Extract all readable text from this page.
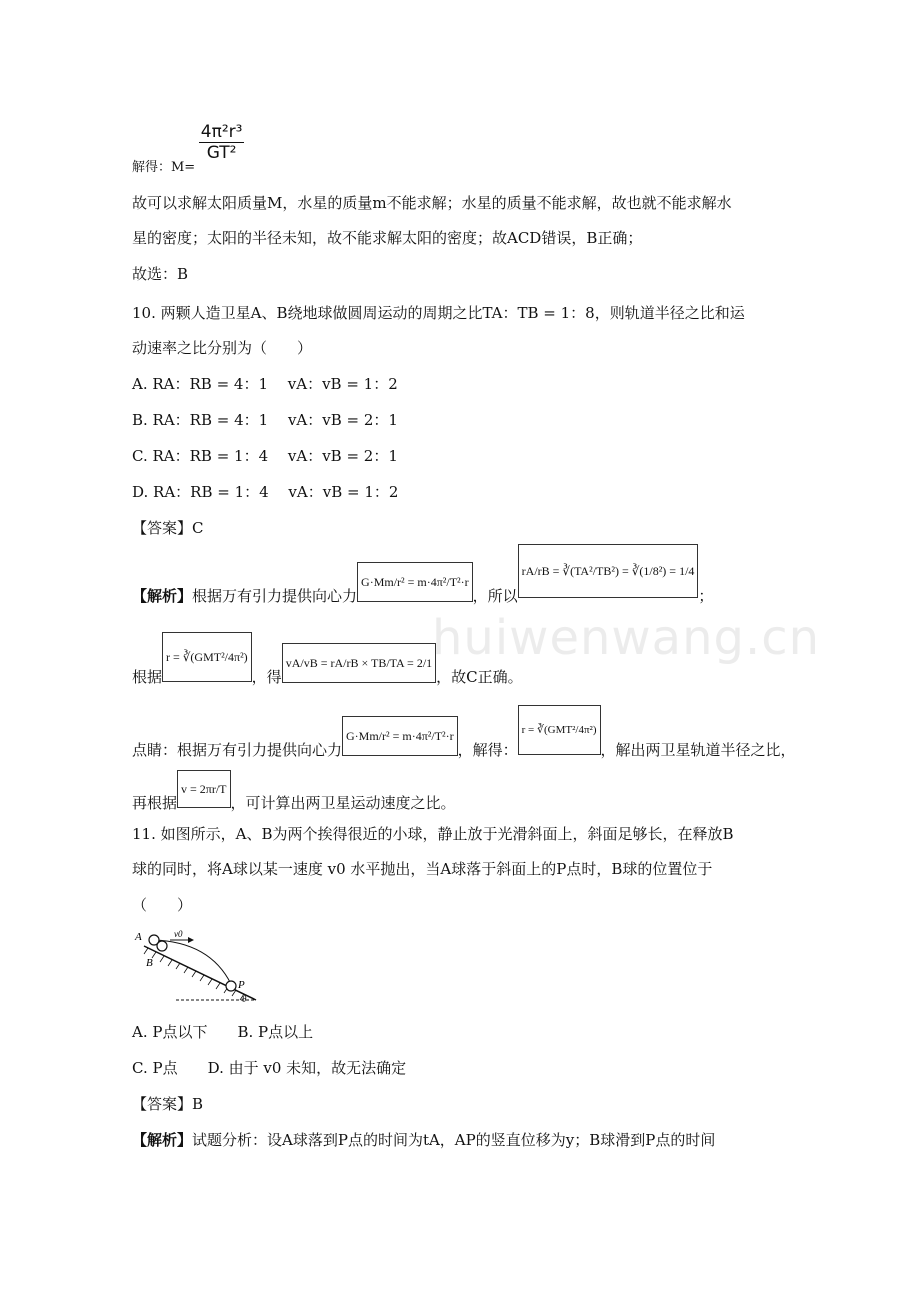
huiwenwang.cn

$\frac{\text{4π²r³}}{\text{GT²}}$
解得：M=
故可以求解太阳质量M，水星的质量m不能求解；水星的质量不能求解，故也就不能求解水
星的密度；太阳的半径未知，故不能求解太阳的密度；故ACD错误，B正确；
故选：B
10. 两颗人造卫星A、B绕地球做圆周运动的周期之比TA：TB = 1：8，则轨道半径之比和运
动速率之比分别为（　　）
A. RA：RB = 4：1　 vA：vB = 1：2
B. RA：RB = 4：1　 vA：vB = 2：1
C. RA：RB = 1：4　 vA：vB = 2：1
D. RA：RB = 1：4　 vA：vB = 1：2
【答案】C
【解析】根据万有引力提供向心力G·Mm/r² = m·4π²/T²·r，所以rA/rB = ∛(TA²/TB²) = ∛(1/8²) = 1/4；
根据r = ∛(GMT²/4π²)，得vA/vB = rA/rB × TB/TA = 2/1，故C正确。
点睛：根据万有引力提供向心力G·Mm/r² = m·4π²/T²·r，解得：r = ∛(GMT²/4π²)，解出两卫星轨道半径之比，
再根据v = 2πr/T，可计算出两卫星运动速度之比。
11. 如图所示，A、B为两个挨得很近的小球，静止放于光滑斜面上，斜面足够长，在释放B
球的同时，将A球以某一速度 v0 水平抛出，当A球落于斜面上的P点时，B球的位置位于
（　　）
A
B
v0
P
θ
A. P点以下　　B. P点以上
C. P点　　D. 由于 v0 未知，故无法确定
【答案】B
【解析】试题分析：设A球落到P点的时间为tA，AP的竖直位移为y；B球滑到P点的时间
